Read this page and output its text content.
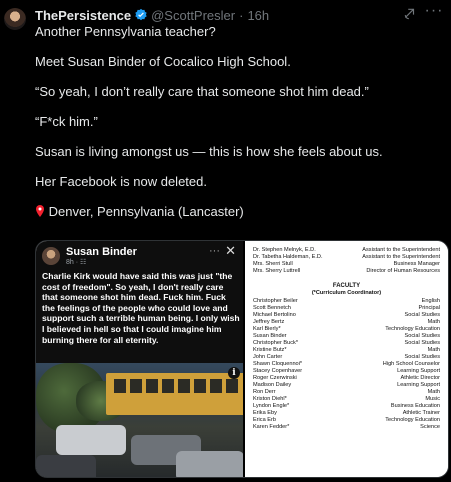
ThePersistence @ScottPresler · 16h	···

Another Pennsylvania teacher?

Meet Susan Binder of Cocalico High School.

“So yeah, I don’t really care that someone shot him dead.”

“F*ck him.”

Susan is living amongst us — this is how she feels about us.

Her Facebook is now deleted.

Denver, Pennsylvania (Lancaster)

Susan Binder
8h · ☷
··· ✕
Charlie Kirk would have said this was just "the cost of freedom". So yeah, I don't really care that someone shot him dead. Fuck him. Fuck the feelings of the people who could love and support such a terrible human being. I only wish I believed in hell so that I could imagine him burning there for all eternity.
i
Dr. Stephen Melnyk, E.D.	Assistant to the Superintendent
Dr. Tabetha Haldeman, E.D.	Assistant to the Superintendent
Mrs. Sherri Stull	Business Manager
Mrs. Sherry Luttrell	Director of Human Resources
FACULTY
(*Curriculum Coordinator)
Christopher Beiler	English
Scott Bennetch	Principal
Michael Bertolino	Social Studies
Jeffrey Bertz	Math
Karl Bierly*	Technology Education
Susan Binder	Social Studies
Christopher Buck*	Social Studies
Kristine Butz*	Math
John Carter	Social Studies
Shawn Cloquennoi*	High School Counselor
Stacey Copenhaver	Learning Support
Roger Czerwinski	Athletic Director
Madison Dailey	Learning Support
Ron Derr	Math
Kriston Diehl*	Music
Lyndon Engle*	Business Education
Erika Eby	Athletic Trainer
Erica Erb	Technology Education
Karen Fedder*	Science
